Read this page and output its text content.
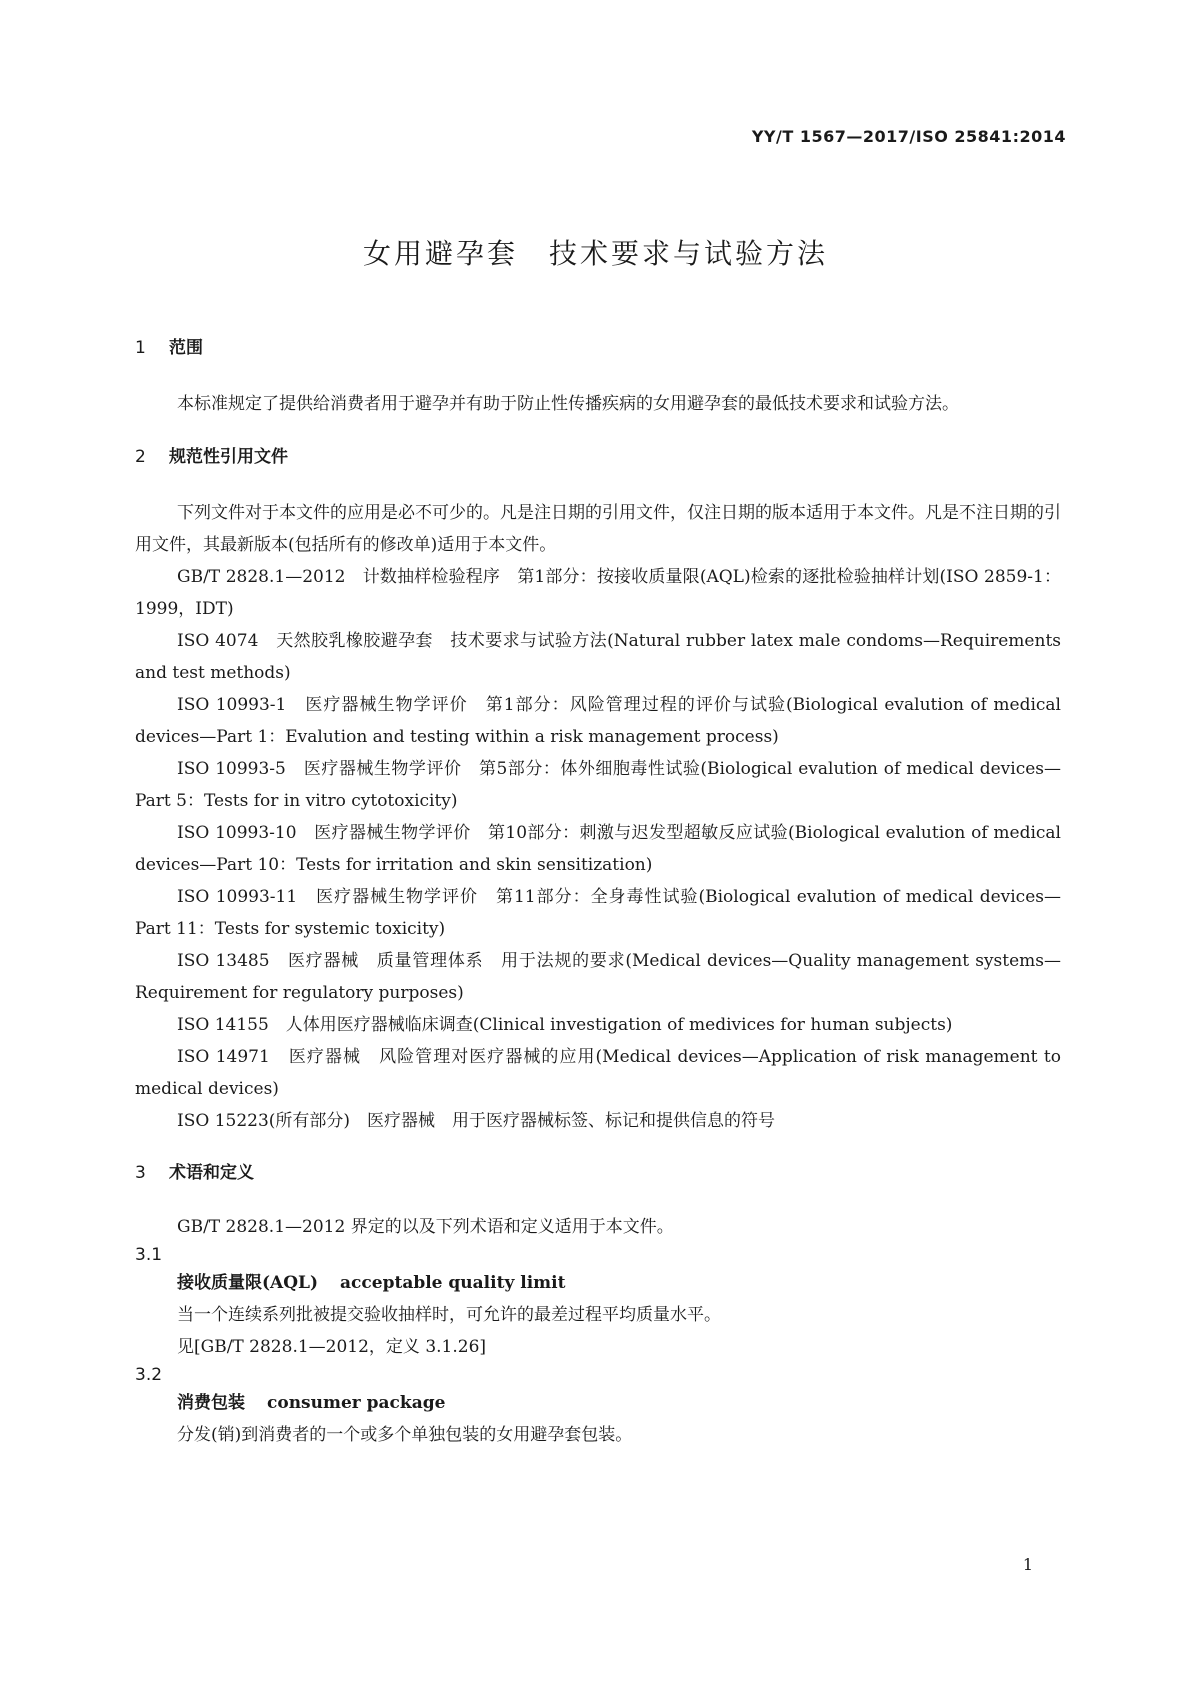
YY/T 1567—2017/ISO 25841:2014
女用避孕套　技术要求与试验方法
1 范围

本标准规定了提供给消费者用于避孕并有助于防止性传播疾病的女用避孕套的最低技术要求和试验方法。

2 规范性引用文件

下列文件对于本文件的应用是必不可少的。凡是注日期的引用文件，仅注日期的版本适用于本文件。凡是不注日期的引用文件，其最新版本(包括所有的修改单)适用于本文件。

GB/T 2828.1—2012　计数抽样检验程序　第1部分：按接收质量限(AQL)检索的逐批检验抽样计划(ISO 2859-1：1999，IDT)

ISO 4074　天然胶乳橡胶避孕套　技术要求与试验方法(Natural rubber latex male condoms—Requirements and test methods)

ISO 10993-1　医疗器械生物学评价　第1部分：风险管理过程的评价与试验(Biological evalution of medical devices—Part 1：Evalution and testing within a risk management process)

ISO 10993-5　医疗器械生物学评价　第5部分：体外细胞毒性试验(Biological evalution of medical devices—Part 5：Tests for in vitro cytotoxicity)

ISO 10993-10　医疗器械生物学评价　第10部分：刺激与迟发型超敏反应试验(Biological evalution of medical devices—Part 10：Tests for irritation and skin sensitization)

ISO 10993-11　医疗器械生物学评价　第11部分：全身毒性试验(Biological evalution of medical devices—Part 11：Tests for systemic toxicity)

ISO 13485　医疗器械　质量管理体系　用于法规的要求(Medical devices—Quality management systems—Requirement for regulatory purposes)

ISO 14155　人体用医疗器械临床调查(Clinical investigation of medivices for human subjects)

ISO 14971　医疗器械　风险管理对医疗器械的应用(Medical devices—Application of risk management to medical devices)

ISO 15223(所有部分)　医疗器械　用于医疗器械标签、标记和提供信息的符号

3 术语和定义

GB/T 2828.1—2012 界定的以及下列术语和定义适用于本文件。

3.1
接收质量限(AQL) acceptable quality limit
当一个连续系列批被提交验收抽样时，可允许的最差过程平均质量水平。
见[GB/T 2828.1—2012，定义 3.1.26]
3.2
消费包装 consumer package
分发(销)到消费者的一个或多个单独包装的女用避孕套包装。
1
